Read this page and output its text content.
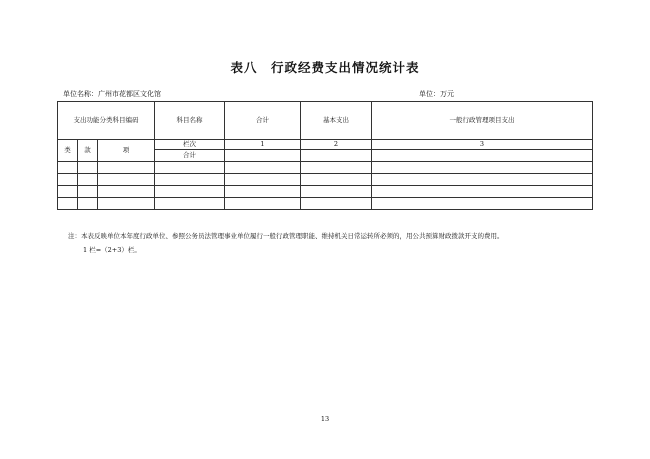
表八　行政经费支出情况统计表
单位名称：广州市花都区文化馆	单位：万元
支出功能分类科目编码			科目名称	合计	基本支出	一般行政管理项目支出
类	款	项	栏次	1	2	3
			合计			

注：本表反映单位本年度行政单位、参照公务员法管理事业单位履行一般行政管理职能、维持机关日常运转所必须的，用公共预算财政拨款开支的费用。
1 栏=（2+3）栏。
13
